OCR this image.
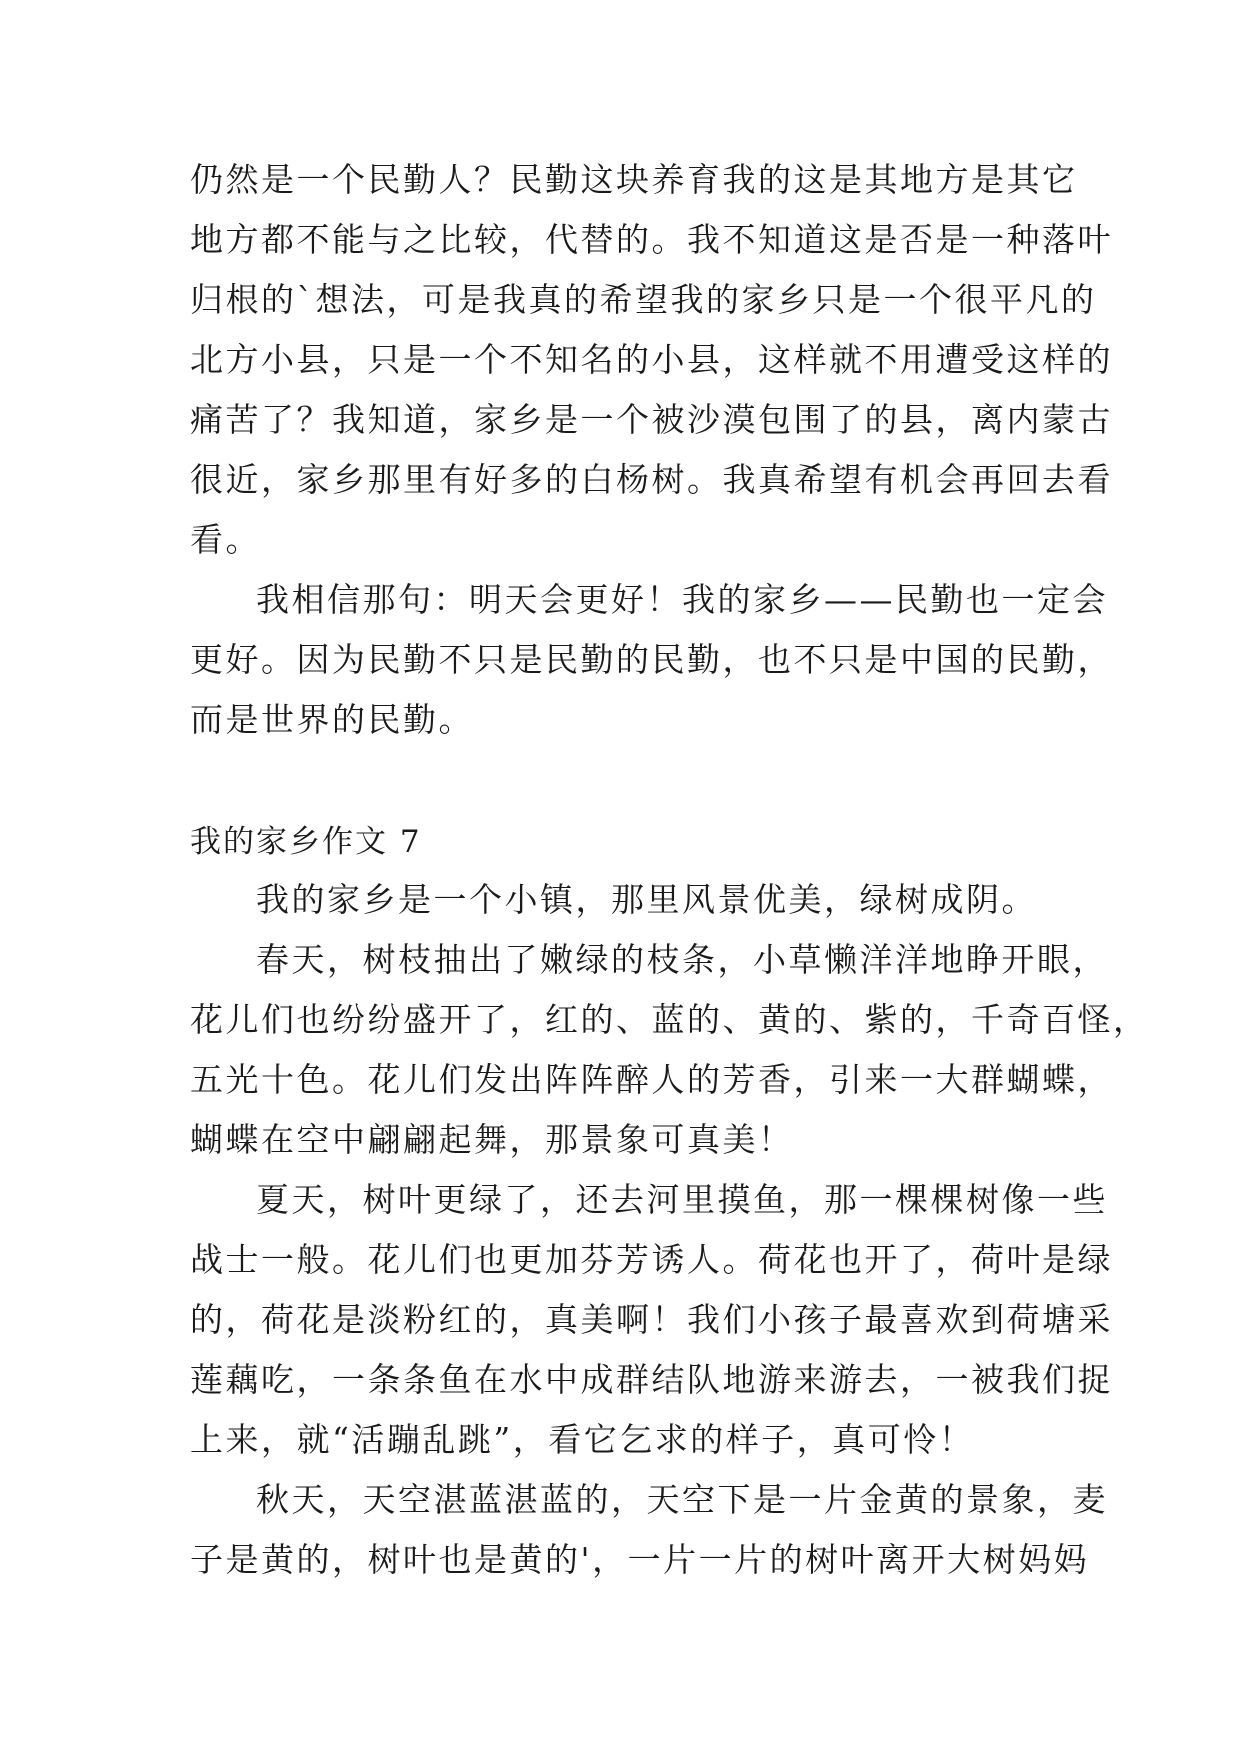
仍然是一个民勤人？民勤这块养育我的这是其地方是其它
地方都不能与之比较，代替的。我不知道这是否是一种落叶
归根的`想法，可是我真的希望我的家乡只是一个很平凡的
北方小县，只是一个不知名的小县，这样就不用遭受这样的
痛苦了？我知道，家乡是一个被沙漠包围了的县，离内蒙古
很近，家乡那里有好多的白杨树。我真希望有机会再回去看
看。
我相信那句：明天会更好！我的家乡——民勤也一定会
更好。因为民勤不只是民勤的民勤，也不只是中国的民勤，
而是世界的民勤。
我的家乡作文 7
我的家乡是一个小镇，那里风景优美，绿树成阴。
春天，树枝抽出了嫩绿的枝条，小草懒洋洋地睁开眼，
花儿们也纷纷盛开了，红的、蓝的、黄的、紫的，千奇百怪，
五光十色。花儿们发出阵阵醉人的芳香，引来一大群蝴蝶，
蝴蝶在空中翩翩起舞，那景象可真美！
夏天，树叶更绿了，还去河里摸鱼，那一棵棵树像一些
战士一般。花儿们也更加芬芳诱人。荷花也开了，荷叶是绿
的，荷花是淡粉红的，真美啊！我们小孩子最喜欢到荷塘采
莲藕吃，一条条鱼在水中成群结队地游来游去，一被我们捉
上来，就“活蹦乱跳”，看它乞求的样子，真可怜！
秋天，天空湛蓝湛蓝的，天空下是一片金黄的景象，麦
子是黄的，树叶也是黄的'，一片一片的树叶离开大树妈妈
